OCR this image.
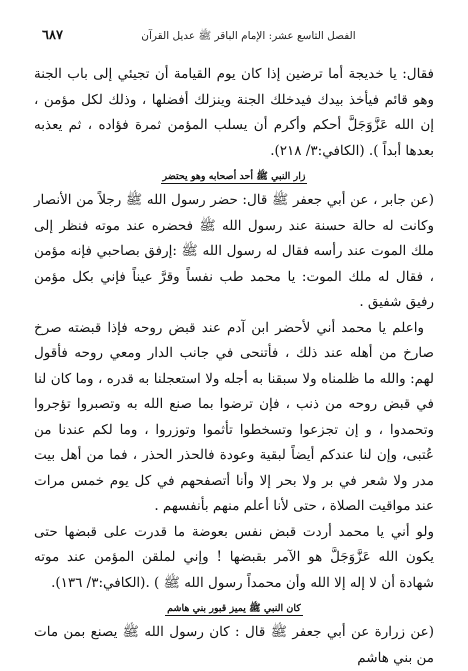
الفصل التاسع عشر: الإمام الباقر ﷺ عديل القرآن
٦٨٧

فقال: يا خديجة أما ترضين إذا كان يوم القيامة أن تجيئي إلى باب الجنة وهو قائم فيأخذ بيدك فيدخلك الجنة وينزلك أفضلها ، وذلك لكل مؤمن ، إن الله عَزَّوَجَلَّ أحكم وأكرم أن يسلب المؤمن ثمرة فؤاده ، ثم يعذبه بعدها أبداً ). (الكافي:٣/ ٢١٨).

زار النبي ﷺ أحد أصحابه وهو يحتضر

(عن جابر ، عن أبي جعفر ﷺ قال: حضر رسول الله ﷺ رجلاً من الأنصار وكانت له حالة حسنة عند رسول الله ﷺ فحضره عند موته فنظر إلى ملك الموت عند رأسه فقال له رسول الله ﷺ :إرفق بصاحبي فإنه مؤمن ، فقال له ملك الموت: يا محمد طب نفساً وقرَّ عيناً فإني بكل مؤمن رفيق شفيق .

واعلم يا محمد أني لأحضر ابن آدم عند قبض روحه فإذا قبضته صرخ صارخ من أهله عند ذلك ، فأتنحى في جانب الدار ومعي روحه فأقول لهم: والله ما ظلمناه ولا سبقنا به أجله ولا استعجلنا به قدره ، وما كان لنا في قبض روحه من ذنب ، فإن ترضوا بما صنع الله به وتصبروا تؤجروا وتحمدوا ، و إن تجزعوا وتسخطوا تأثموا وتوزروا ، وما لكم عندنا من عُتبى، وإن لنا عندكم أيضاً لبقية وعودة فالحذر الحذر ، فما من أهل بيت مدر ولا شعر في بر ولا بحر إلا وأنا أتصفحهم في كل يوم خمس مرات عند مواقيت الصلاة ، حتى لأنا أعلم منهم بأنفسهم .

ولو أني يا محمد أردت قبض نفس بعوضة ما قدرت على قبضها حتى يكون الله عَزَّوَجَلَّ هو الآمر بقبضها ! وإني لملقن المؤمن عند موته شهادة أن لا إله إلا الله وأن محمداً رسول الله ﷺ ) .(الكافي:٣/ ١٣٦).

كان النبي ﷺ يميز قبور بني هاشم

(عن زرارة عن أبي جعفر ﷺ قال : كان رسول الله ﷺ يصنع بمن مات من بني هاشم
